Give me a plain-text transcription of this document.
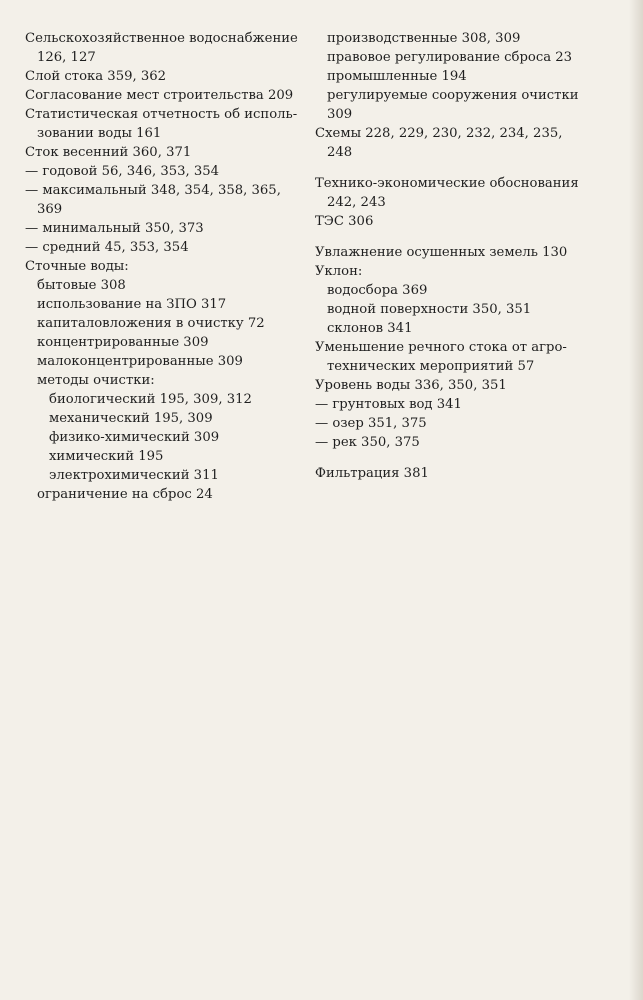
Сельскохозяйственное водоснабжение
126, 127
Слой стока 359, 362
Согласование мест строительства 209
Статистическая отчетность об исполь-
зовании воды 161
Сток весенний 360, 371
— годовой 56, 346, 353, 354
— максимальный 348, 354, 358, 365,
369
— минимальный 350, 373
— средний 45, 353, 354
Сточные воды:
бытовые 308
использование на ЗПО 317
капиталовложения в очистку 72
концентрированные 309
малоконцентрированные 309
методы очистки:
биологический 195, 309, 312
механический 195, 309
физико-химический 309
химический 195
электрохимический 311
ограничение на сброс 24
производственные 308, 309
правовое регулирование сброса 23
промышленные 194
регулируемые сооружения очистки
309
Схемы 228, 229, 230, 232, 234, 235,
248
Технико-экономические обоснования
242, 243
ТЭС 306
Увлажнение осушенных земель 130
Уклон:
водосбора 369
водной поверхности 350, 351
склонов 341
Уменьшение речного стока от агро-
технических мероприятий 57
Уровень воды 336, 350, 351
— грунтовых вод 341
— озер 351, 375
— рек 350, 375
Фильтрация 381
